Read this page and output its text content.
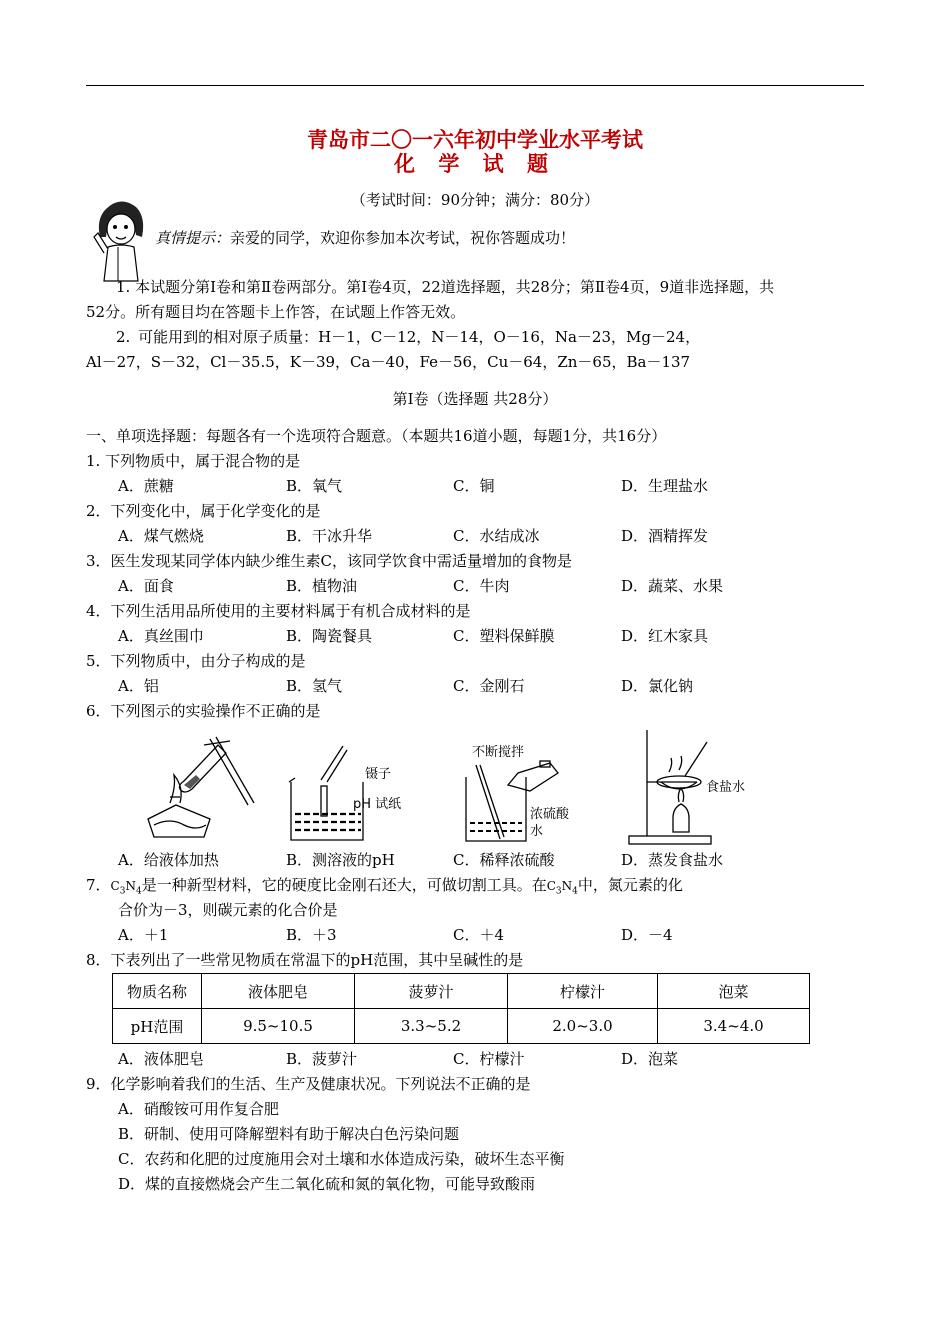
青岛市二〇一六年初中学业水平考试
化 学 试 题
（考试时间：90分钟；满分：80分）
真情提示：亲爱的同学，欢迎你参加本次考试，祝你答题成功！
1. 本试题分第Ⅰ卷和第Ⅱ卷两部分。第Ⅰ卷4页，22道选择题，共28分；第Ⅱ卷4页，9道非选择题，共
52分。所有题目均在答题卡上作答，在试题上作答无效。
2. 可能用到的相对原子质量：H－1，C－12，N－14，O－16，Na－23，Mg－24，
Al－27，S－32，Cl－35.5，K－39，Ca－40，Fe－56，Cu－64，Zn－65，Ba－137
第Ⅰ卷（选择题 共28分）
一、单项选择题：每题各有一个选项符合题意。（本题共16道小题，每题1分，共16分）
1. 下列物质中，属于混合物的是
A．蔗糖	B．氧气	C．铜	D．生理盐水
2．下列变化中，属于化学变化的是
A．煤气燃烧	B．干冰升华	C．水结成冰	D．酒精挥发
3．医生发现某同学体内缺少维生素C，该同学饮食中需适量增加的食物是
A．面食	B．植物油	C．牛肉	D．蔬菜、水果
4．下列生活用品所使用的主要材料属于有机合成材料的是
A．真丝围巾	B．陶瓷餐具	C．塑料保鲜膜	D．红木家具
5．下列物质中，由分子构成的是
A．铝	B．氢气	C．金刚石	D．氯化钠
6．下列图示的实验操作不正确的是
镊子
pH 试纸
不断搅拌
浓硫酸
水
食盐水
A．给液体加热	B．测溶液的pH	C．稀释浓硫酸	D．蒸发食盐水
7．$C_3N_4$是一种新型材料，它的硬度比金刚石还大，可做切割工具。在$C_3N_4$中，氮元素的化
合价为－3，则碳元素的化合价是
A．＋1	B．＋3	C．＋4	D．－4
8．下表列出了一些常见物质在常温下的pH范围，其中呈碱性的是
物质名称	液体肥皂	菠萝汁	柠檬汁	泡菜
pH范围	9.5~10.5	3.3~5.2	2.0~3.0	3.4~4.0
A．液体肥皂	B．菠萝汁	C．柠檬汁	D．泡菜
9．化学影响着我们的生活、生产及健康状况。下列说法不正确的是
A．硝酸铵可用作复合肥
B．研制、使用可降解塑料有助于解决白色污染问题
C．农药和化肥的过度施用会对土壤和水体造成污染，破坏生态平衡
D．煤的直接燃烧会产生二氧化硫和氮的氧化物，可能导致酸雨
